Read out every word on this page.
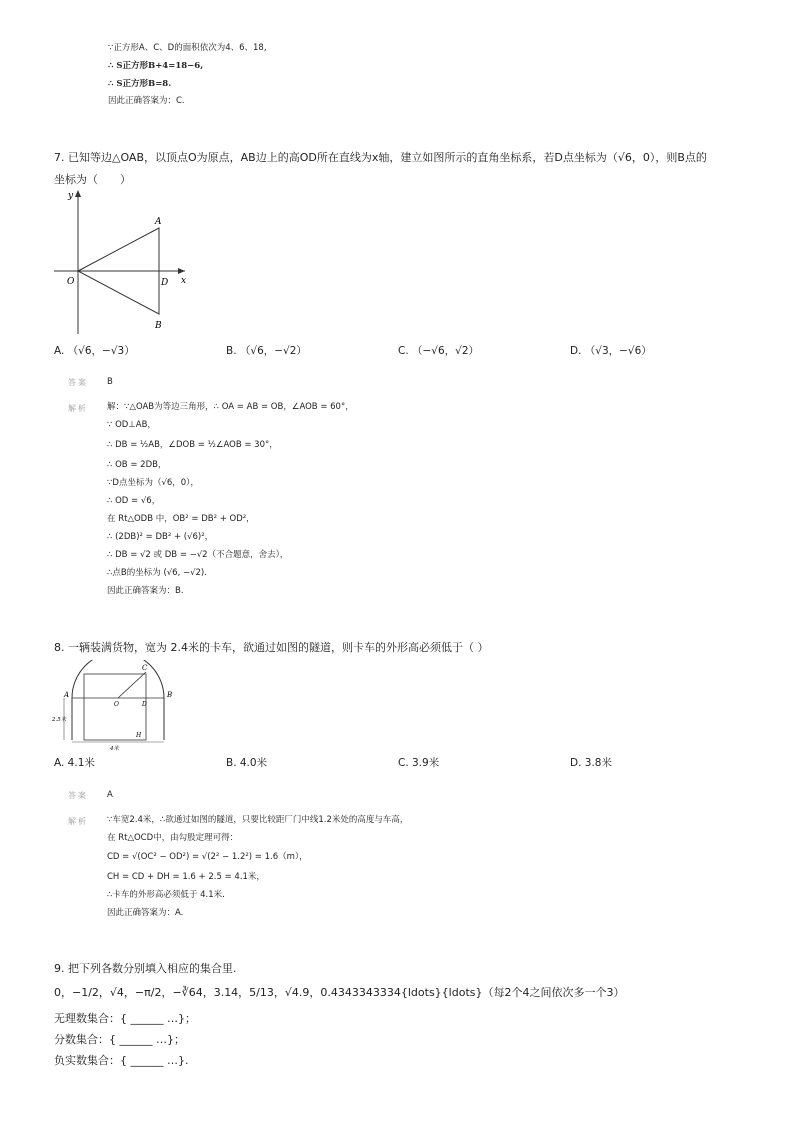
∵正方形A、C、D的面积依次为4、6、18,
∴ S正方形B+4=18−6,
∴ S正方形B=8.
因此正确答案为：C.
7. 已知等边△OAB，以顶点O为原点，AB边上的高OD所在直线为x轴，建立如图所示的直角坐标系，若D点坐标为（√6，0），则B点的
坐标为（　　）
y
x
O
A
B
D
A. （√6，−√3）	B. （√6，−√2）	C. （−√6，√2）	D. （√3，−√6）
答案 B
解析 解：∵△OAB为等边三角形，∴ OA = AB = OB，∠AOB = 60°，
∵ OD⊥AB，
∴ DB = ½AB，∠DOB = ½∠AOB = 30°，
∴ OB = 2DB，
∵D点坐标为（√6，0），
∴ OD = √6，
在 Rt△ODB 中，OB² = DB² + OD²，
∴ (2DB)² = DB² + (√6)²，
∴ DB = √2 或 DB = −√2（不合题意，舍去），
∴点B的坐标为 (√6, −√2).
因此正确答案为：B.
8. 一辆装满货物，宽为 2.4米的卡车，欲通过如图的隧道，则卡车的外形高必须低于（ ）
C
A	B
O	D
H
2.5米
4米
A. 4.1米	B. 4.0米	C. 3.9米	D. 3.8米
答案 A
解析 ∵车宽2.4米，∴欲通过如图的隧道，只要比较距厂门中线1.2米处的高度与车高，
在 Rt△OCD中，由勾股定理可得：
CD = √(OC² − OD²) = √(2² − 1.2²) = 1.6（m），
CH = CD + DH = 1.6 + 2.5 = 4.1米，
∴卡车的外形高必须低于 4.1米.
因此正确答案为：A.
9. 把下列各数分别填入相应的集合里.
0，−1/2，√4，−π/2，−∛64，3.14，5/13，√4.9，0.4343343334{ldots}{ldots}（每2个4之间依次多一个3）
无理数集合：{ ______ …}；
分数集合：{ ______ …}；
负实数集合：{ ______ …}.
